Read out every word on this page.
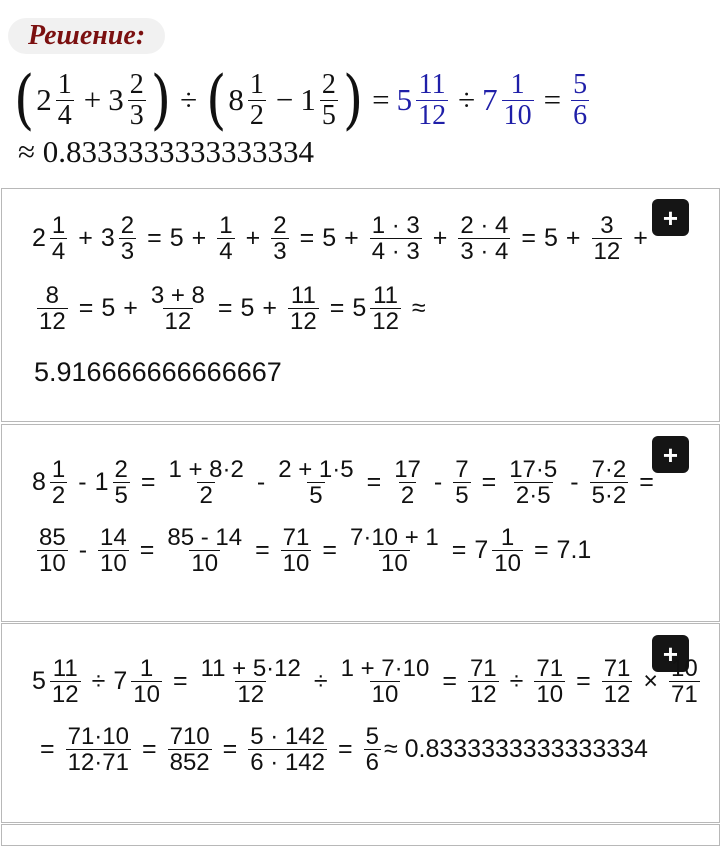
Решение:
( $2 \frac{1}{4} + 3 \frac{2}{3}$ ) ÷ ( $8 \frac{1}{2} - 1 \frac{2}{5}$ ) = $5 \frac{11}{12} \div 7 \frac{1}{10} = \frac{5}{6}$
≈ 0.8333333333333334
+
$2 \frac{1}{4} + 3 \frac{2}{3} = 5 + \frac{1}{4} + \frac{2}{3} = 5 + \frac{1 \cdot 3}{4 \cdot 3} + \frac{2 \cdot 4}{3 \cdot 4} = 5 + \frac{3}{12}$ +
$\frac{8}{12} = 5 + \frac{3 + 8}{12} = 5 + \frac{11}{12} = 5 \frac{11}{12}$ ≈
5.916666666666667
+
$8 \frac{1}{2} - 1 \frac{2}{5} = \frac{1 + 8\cdot 2}{2} - \frac{2 + 1\cdot 5}{5} = \frac{17}{2} - \frac{7}{5} = \frac{17\cdot 5}{2\cdot 5} - \frac{7\cdot 2}{5\cdot 2}$ =
$\frac{85}{10} - \frac{14}{10} = \frac{85 - 14}{10} = \frac{71}{10} = \frac{7\cdot 10 + 1}{10} = 7 \frac{1}{10} = 7.1$
+
$5 \frac{11}{12} \div 7 \frac{1}{10} = \frac{11 + 5\cdot 12}{12} \div \frac{1 + 7\cdot 10}{10} = \frac{71}{12} \div \frac{71}{10} = \frac{71}{12} \times \frac{10}{71}$
= $\frac{71\cdot 10}{12\cdot 71} = \frac{710}{852} = \frac{5 \cdot 142}{6 \cdot 142} = \frac{5}{6} \approx 0.8333333333333334$
